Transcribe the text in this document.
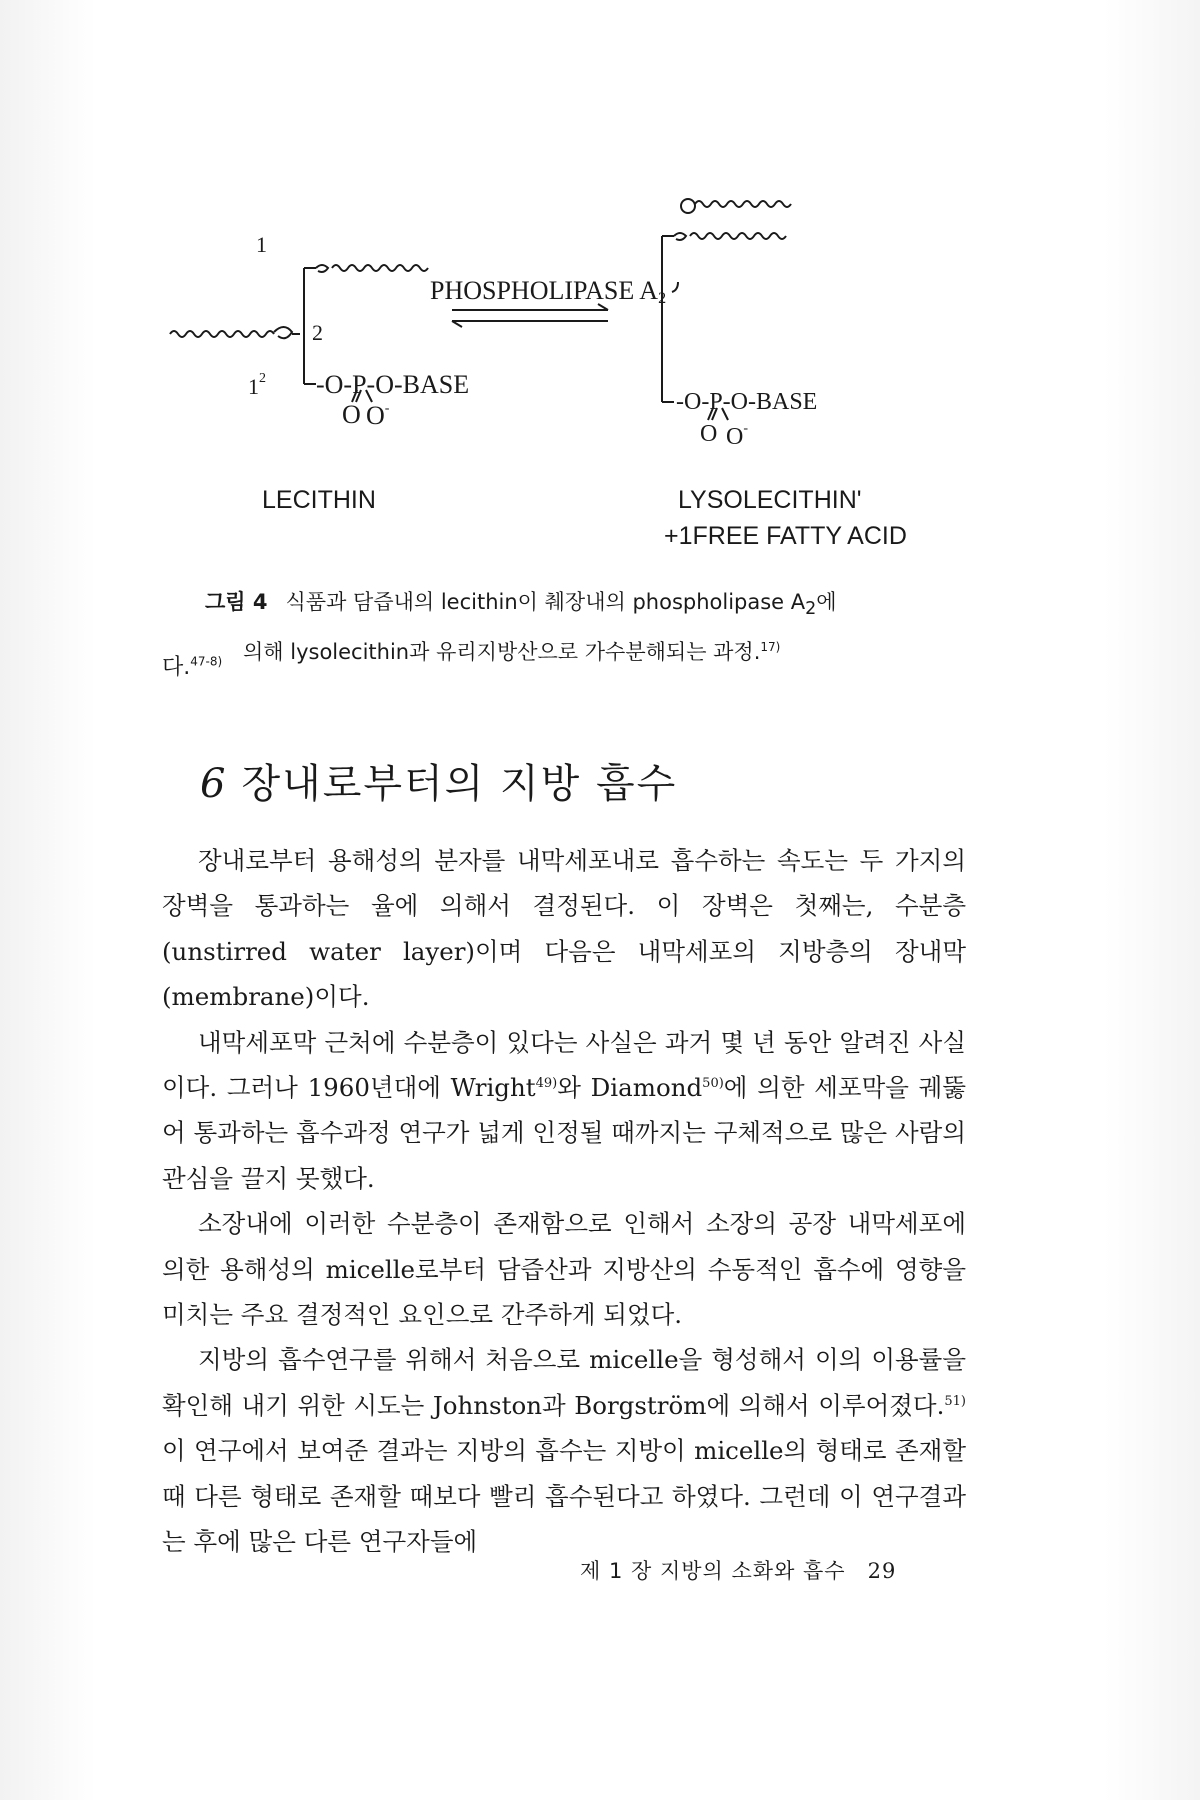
1
2
$1^2$ -O-P-O-BASE
O O-
PHOSPHOLIPASE $A_2$
-O-P-O-BASE
O O-
LECITHIN	LYSOLECITHIN'
+1FREE FATTY ACID
그림 4 식품과 담즙내의 lecithin이 췌장내의 phospholipase $A_2$에
의해 lysolecithin과 유리지방산으로 가수분해되는 과정.$^{17)}$
다.$^{47-8)}$
6 장내로부터의 지방 흡수

장내로부터 용해성의 분자를 내막세포내로 흡수하는 속도는 두 가지의 장벽을 통과하는 율에 의해서 결정된다. 이 장벽은 첫째는, 수분층(unstirred water layer)이며 다음은 내막세포의 지방층의 장내막(membrane)이다.

내막세포막 근처에 수분층이 있다는 사실은 과거 몇 년 동안 알려진 사실이다. 그러나 1960년대에 Wright$^{49)}$와 Diamond$^{50)}$에 의한 세포막을 궤뚫어 통과하는 흡수과정 연구가 넓게 인정될 때까지는 구체적으로 많은 사람의 관심을 끌지 못했다.

소장내에 이러한 수분층이 존재함으로 인해서 소장의 공장 내막세포에 의한 용해성의 micelle로부터 담즙산과 지방산의 수동적인 흡수에 영향을 미치는 주요 결정적인 요인으로 간주하게 되었다.

지방의 흡수연구를 위해서 처음으로 micelle을 형성해서 이의 이용률을 확인해 내기 위한 시도는 Johnston과 Borgström에 의해서 이루어졌다.$^{51)}$ 이 연구에서 보여준 결과는 지방의 흡수는 지방이 micelle의 형태로 존재할 때 다른 형태로 존재할 때보다 빨리 흡수된다고 하였다. 그런데 이 연구결과는 후에 많은 다른 연구자들에

제 1 장 지방의 소화와 흡수 29
